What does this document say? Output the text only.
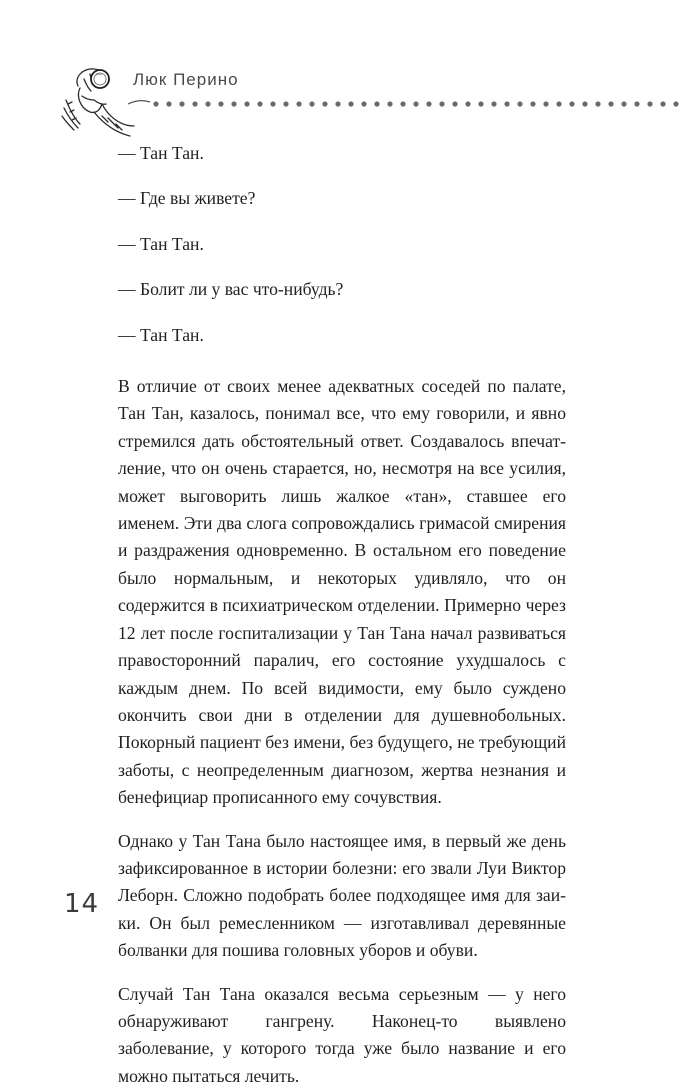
Люк Перино

— Тан Тан.

— Где вы живете?

— Тан Тан.

— Болит ли у вас что-нибудь?

— Тан Тан.

В отличие от своих менее адекватных соседей по палате, Тан Тан, казалось, понимал все, что ему говорили, и явно стремился дать обстоятельный ответ. Создавалось впечатление, что он очень старается, но, несмотря на все усилия, может выговорить лишь жалкое «тан», ставшее его именем. Эти два слога сопровождались гримасой смирения и раздражения одновременно. В остальном его поведение было нормальным, и некоторых удивляло, что он содержится в психиатрическом отделении. Примерно через 12 лет после госпитализации у Тан Тана начал развиваться правосторонний паралич, его состояние ухудшалось с каждым днем. По всей видимости, ему было суждено окончить свои дни в отделении для душевнобольных. Покорный пациент без имени, без будущего, не требующий заботы, с неопределенным диагнозом, жертва незнания и бенефициар прописанного ему сочувствия.

Однако у Тан Тана было настоящее имя, в первый же день зафиксированное в истории болезни: его звали Луи Виктор Леборн. Сложно подобрать более подходящее имя для заики. Он был ремесленником — изготавливал деревянные болванки для пошива головных уборов и обуви.

Случай Тан Тана оказался весьма серьезным — у него обнаруживают гангрену. Наконец-то выявлено заболевание, у которого тогда уже было название и его можно пытаться лечить.

14
